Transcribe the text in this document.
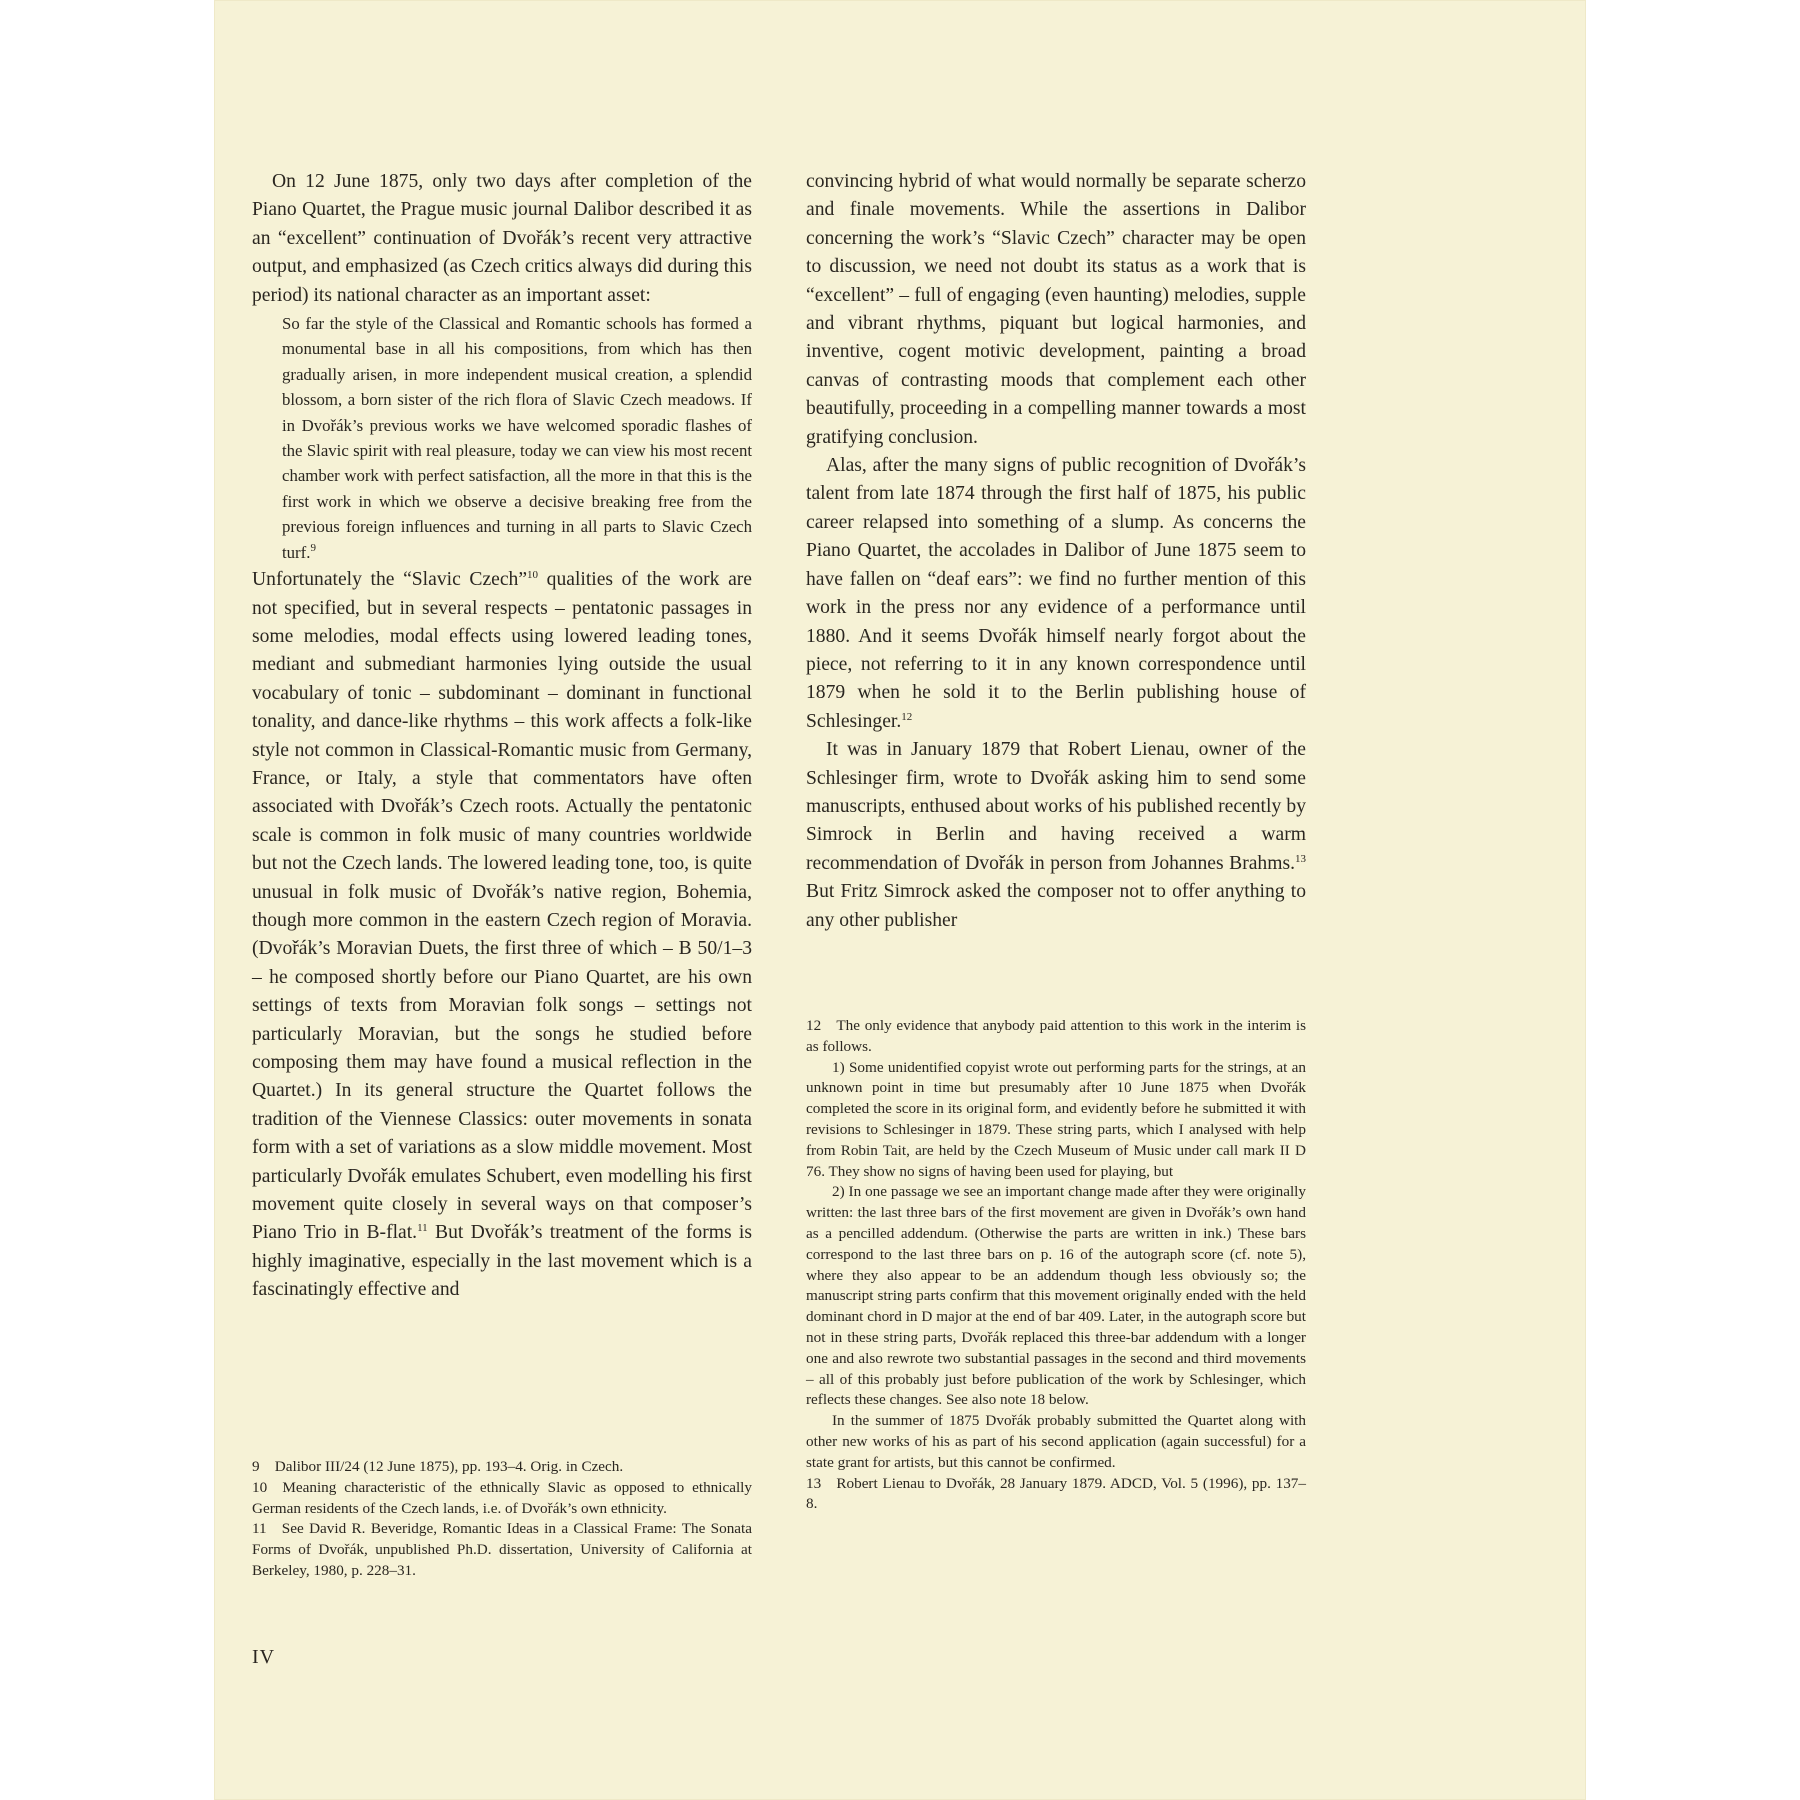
On 12 June 1875, only two days after completion of the Piano Quartet, the Prague music journal Dalibor described it as an “excellent” continuation of Dvořák’s recent very attractive output, and emphasized (as Czech critics always did during this period) its national character as an important asset:

So far the style of the Classical and Romantic schools has formed a monumental base in all his compositions, from which has then gradually arisen, in more independent musical creation, a splendid blossom, a born sister of the rich flora of Slavic Czech meadows. If in Dvořák’s previous works we have welcomed sporadic flashes of the Slavic spirit with real pleasure, today we can view his most recent chamber work with perfect satisfaction, all the more in that this is the first work in which we observe a decisive breaking free from the previous foreign influences and turning in all parts to Slavic Czech turf.$^9$

Unfortunately the “Slavic Czech”$^{10}$ qualities of the work are not specified, but in several respects – pentatonic passages in some melodies, modal effects using lowered leading tones, mediant and submediant harmonies lying outside the usual vocabulary of tonic – subdominant – dominant in functional tonality, and dance-like rhythms – this work affects a folk-like style not common in Classical-Romantic music from Germany, France, or Italy, a style that commentators have often associated with Dvořák’s Czech roots. Actually the pentatonic scale is common in folk music of many countries worldwide but not the Czech lands. The lowered leading tone, too, is quite unusual in folk music of Dvořák’s native region, Bohemia, though more common in the eastern Czech region of Moravia. (Dvořák’s Moravian Duets, the first three of which – B 50/1–3 – he composed shortly before our Piano Quartet, are his own settings of texts from Moravian folk songs – settings not particularly Moravian, but the songs he studied before composing them may have found a musical reflection in the Quartet.) In its general structure the Quartet follows the tradition of the Viennese Classics: outer movements in sonata form with a set of variations as a slow middle movement. Most particularly Dvořák emulates Schubert, even modelling his first movement quite closely in several ways on that composer’s Piano Trio in B-flat.$^{11}$ But Dvořák’s treatment of the forms is highly imaginative, especially in the last movement which is a fascinatingly effective and

9 Dalibor III/24 (12 June 1875), pp. 193–4. Orig. in Czech.

10 Meaning characteristic of the ethnically Slavic as opposed to ethnically German residents of the Czech lands, i.e. of Dvořák’s own ethnicity.

11 See David R. Beveridge, Romantic Ideas in a Classical Frame: The Sonata Forms of Dvořák, unpublished Ph.D. dissertation, University of California at Berkeley, 1980, p. 228–31.

convincing hybrid of what would normally be separate scherzo and finale movements. While the assertions in Dalibor concerning the work’s “Slavic Czech” character may be open to discussion, we need not doubt its status as a work that is “excellent” – full of engaging (even haunting) melodies, supple and vibrant rhythms, piquant but logical harmonies, and inventive, cogent motivic development, painting a broad canvas of contrasting moods that complement each other beautifully, proceeding in a compelling manner towards a most gratifying conclusion.

Alas, after the many signs of public recognition of Dvořák’s talent from late 1874 through the first half of 1875, his public career relapsed into something of a slump. As concerns the Piano Quartet, the accolades in Dalibor of June 1875 seem to have fallen on “deaf ears”: we find no further mention of this work in the press nor any evidence of a performance until 1880. And it seems Dvořák himself nearly forgot about the piece, not referring to it in any known correspondence until 1879 when he sold it to the Berlin publishing house of Schlesinger.$^{12}$

It was in January 1879 that Robert Lienau, owner of the Schlesinger firm, wrote to Dvořák asking him to send some manuscripts, enthused about works of his published recently by Simrock in Berlin and having received a warm recommendation of Dvořák in person from Johannes Brahms.$^{13}$ But Fritz Simrock asked the composer not to offer anything to any other publisher

12 The only evidence that anybody paid attention to this work in the interim is as follows.

1) Some unidentified copyist wrote out performing parts for the strings, at an unknown point in time but presumably after 10 June 1875 when Dvořák completed the score in its original form, and evidently before he submitted it with revisions to Schlesinger in 1879. These string parts, which I analysed with help from Robin Tait, are held by the Czech Museum of Music under call mark II D 76. They show no signs of having been used for playing, but

2) In one passage we see an important change made after they were originally written: the last three bars of the first movement are given in Dvořák’s own hand as a pencilled addendum. (Otherwise the parts are written in ink.) These bars correspond to the last three bars on p. 16 of the autograph score (cf. note 5), where they also appear to be an addendum though less obviously so; the manuscript string parts confirm that this movement originally ended with the held dominant chord in D major at the end of bar 409. Later, in the autograph score but not in these string parts, Dvořák replaced this three-bar addendum with a longer one and also rewrote two substantial passages in the second and third movements – all of this probably just before publication of the work by Schlesinger, which reflects these changes. See also note 18 below.

In the summer of 1875 Dvořák probably submitted the Quartet along with other new works of his as part of his second application (again successful) for a state grant for artists, but this cannot be confirmed.

13 Robert Lienau to Dvořák, 28 January 1879. ADCD, Vol. 5 (1996), pp. 137–8.

IV
